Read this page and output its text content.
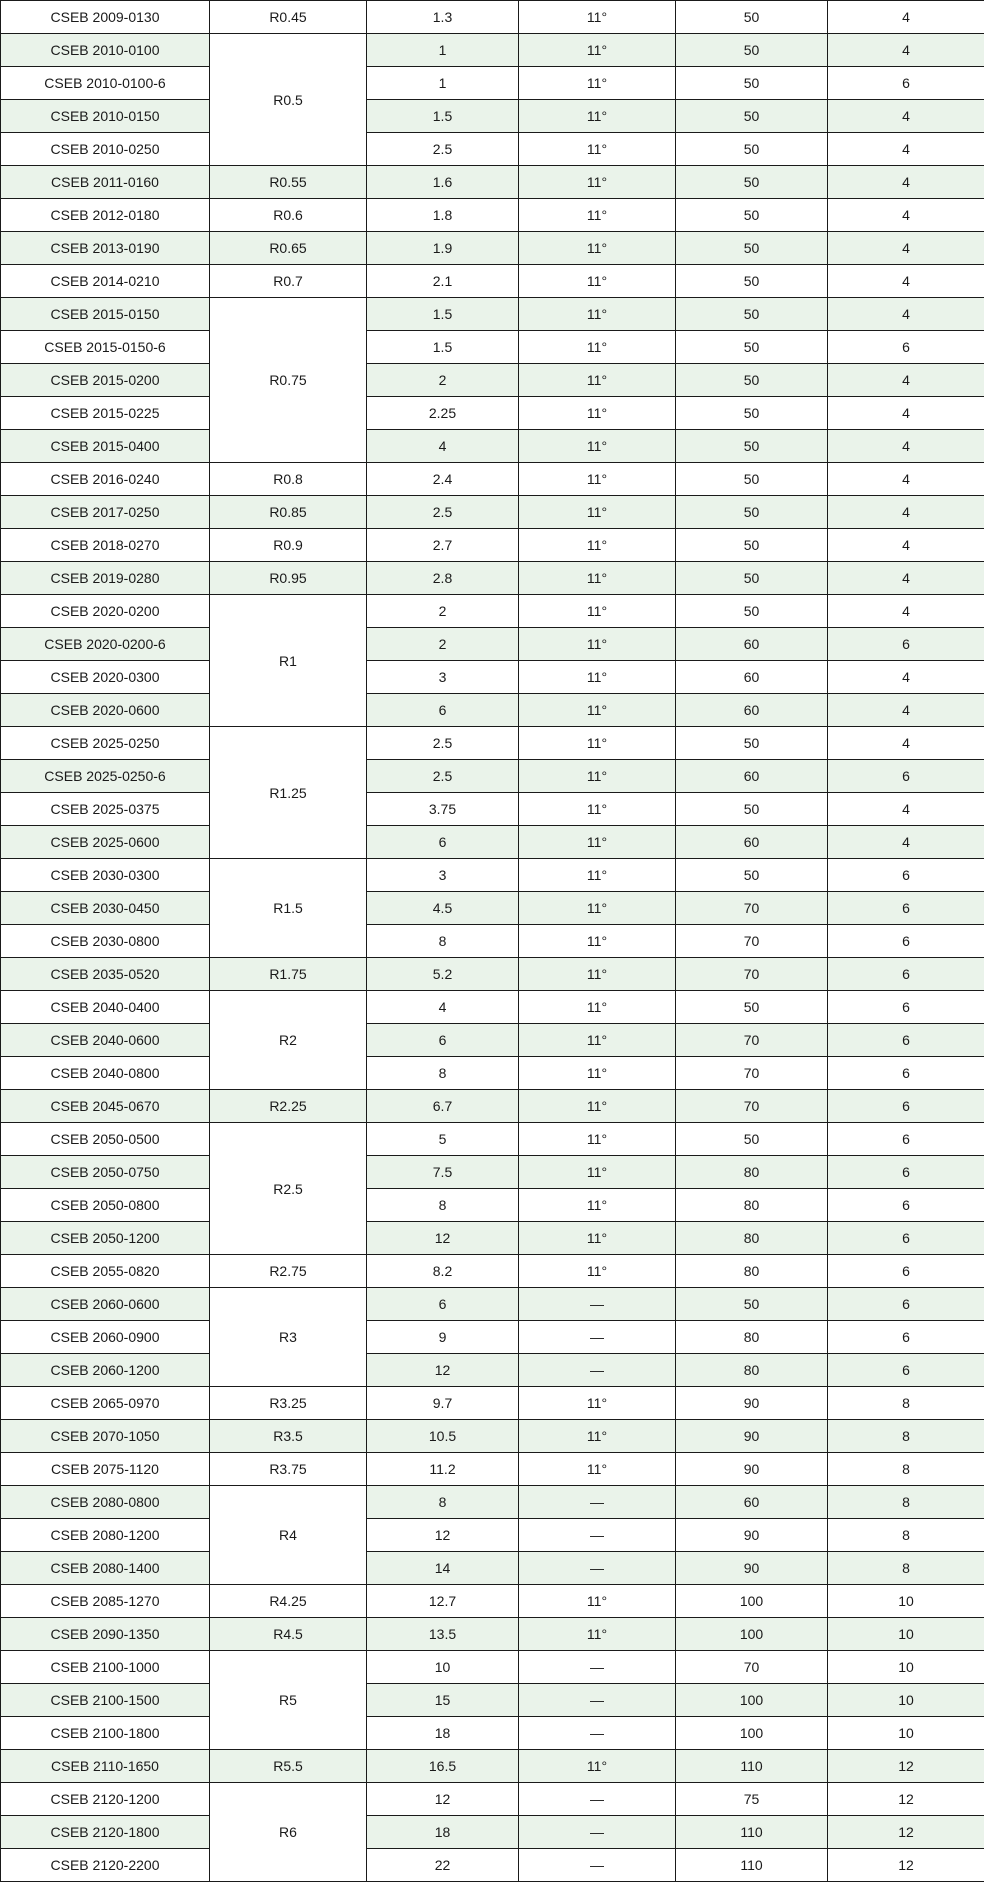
CSEB 2009-0130	R0.45	1.3	11°	50	4
CSEB 2010-0100	R0.5	1	11°	50	4
CSEB 2010-0100-6		1	11°	50	6
CSEB 2010-0150		1.5	11°	50	4
CSEB 2010-0250		2.5	11°	50	4
CSEB 2011-0160	R0.55	1.6	11°	50	4
CSEB 2012-0180	R0.6	1.8	11°	50	4
CSEB 2013-0190	R0.65	1.9	11°	50	4
CSEB 2014-0210	R0.7	2.1	11°	50	4
CSEB 2015-0150	R0.75	1.5	11°	50	4
CSEB 2015-0150-6		1.5	11°	50	6
CSEB 2015-0200		2	11°	50	4
CSEB 2015-0225		2.25	11°	50	4
CSEB 2015-0400		4	11°	50	4
CSEB 2016-0240	R0.8	2.4	11°	50	4
CSEB 2017-0250	R0.85	2.5	11°	50	4
CSEB 2018-0270	R0.9	2.7	11°	50	4
CSEB 2019-0280	R0.95	2.8	11°	50	4
CSEB 2020-0200	R1	2	11°	50	4
CSEB 2020-0200-6		2	11°	60	6
CSEB 2020-0300		3	11°	60	4
CSEB 2020-0600		6	11°	60	4
CSEB 2025-0250	R1.25	2.5	11°	50	4
CSEB 2025-0250-6		2.5	11°	60	6
CSEB 2025-0375		3.75	11°	50	4
CSEB 2025-0600		6	11°	60	4
CSEB 2030-0300	R1.5	3	11°	50	6
CSEB 2030-0450		4.5	11°	70	6
CSEB 2030-0800		8	11°	70	6
CSEB 2035-0520	R1.75	5.2	11°	70	6
CSEB 2040-0400	R2	4	11°	50	6
CSEB 2040-0600		6	11°	70	6
CSEB 2040-0800		8	11°	70	6
CSEB 2045-0670	R2.25	6.7	11°	70	6
CSEB 2050-0500	R2.5	5	11°	50	6
CSEB 2050-0750		7.5	11°	80	6
CSEB 2050-0800		8	11°	80	6
CSEB 2050-1200		12	11°	80	6
CSEB 2055-0820	R2.75	8.2	11°	80	6
CSEB 2060-0600	R3	6	—	50	6
CSEB 2060-0900		9	—	80	6
CSEB 2060-1200		12	—	80	6
CSEB 2065-0970	R3.25	9.7	11°	90	8
CSEB 2070-1050	R3.5	10.5	11°	90	8
CSEB 2075-1120	R3.75	11.2	11°	90	8
CSEB 2080-0800	R4	8	—	60	8
CSEB 2080-1200		12	—	90	8
CSEB 2080-1400		14	—	90	8
CSEB 2085-1270	R4.25	12.7	11°	100	10
CSEB 2090-1350	R4.5	13.5	11°	100	10
CSEB 2100-1000	R5	10	—	70	10
CSEB 2100-1500		15	—	100	10
CSEB 2100-1800		18	—	100	10
CSEB 2110-1650	R5.5	16.5	11°	110	12
CSEB 2120-1200	R6	12	—	75	12
CSEB 2120-1800		18	—	110	12
CSEB 2120-2200		22	—	110	12
